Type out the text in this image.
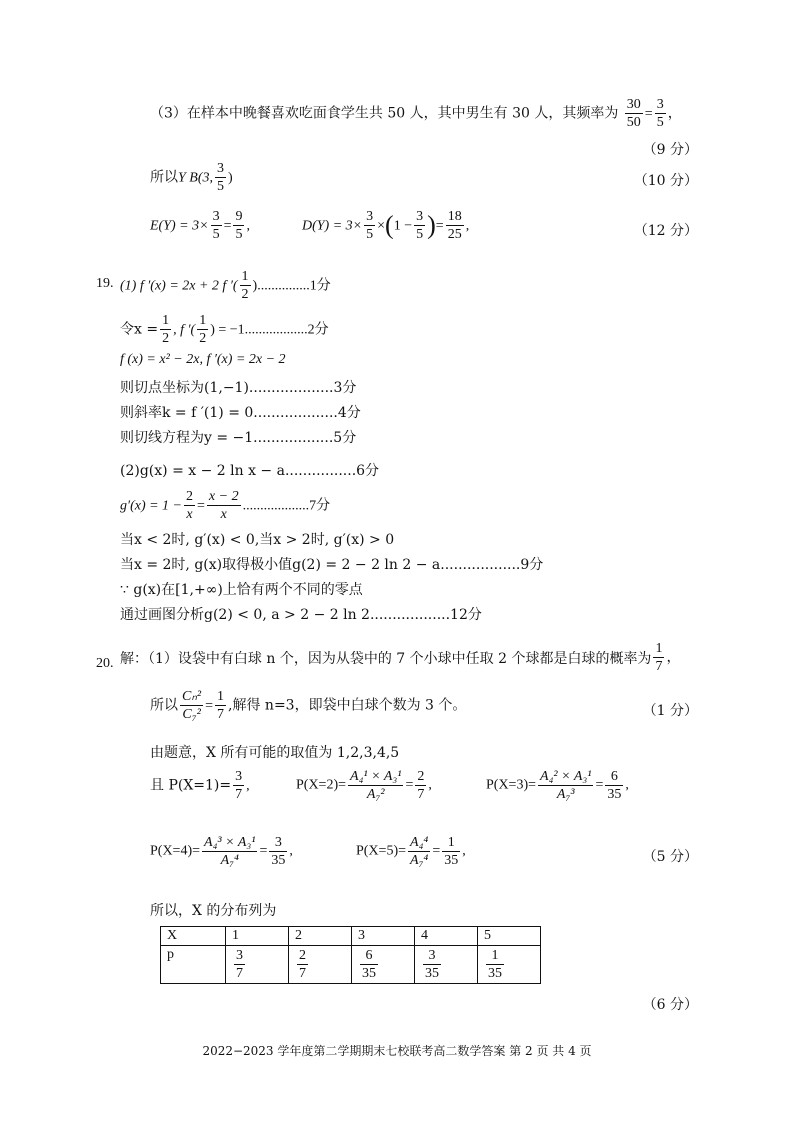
（3）在样本中晚餐喜欢吃面食学生共 50 人，其中男生有 30 人，其频率为 $\frac{30}{50} = \frac{3}{5}$ ，
（9 分）
所以Y B(3, $\frac{3}{5}$ )	（10 分）
$E(Y) = 3\times \frac{3}{5} = \frac{9}{5}$ ,	$D(Y) = 3\times \frac{3}{5} \times(1 - \frac{3}{5}$ )= $\frac{18}{25}$ ,	（12 分）
19. (1) f ′(x) = 2x + 2 f ′( $\frac{1}{2} )...............1$分
令$x = \frac{1}{2}$ , f ′( $\frac{1}{2}$ ) = −1..................2分
f (x) = x² − 2x, f ′(x) = 2x − 2
则切点坐标为(1,−1)...................3分
则斜率k = f ′(1) = 0...................4分
则切线方程为y = −1..................5分
(2)g(x) = x − 2 ln x − a................6分
$g'(x) = 1 - \frac{2}{x} = \frac{x - 2}{x} ...................7$分
当x < 2时, g′(x) < 0,当x > 2时, g′(x) > 0
当x = 2时, g(x)取得极小值g(2) = 2 − 2 ln 2 − a..................9分
∵ g(x)在[1,+∞)上恰有两个不同的零点
通过画图分析g(2) < 0, a > 2 − 2 ln 2..................12分
20. 解：（1）设袋中有白球 n 个，因为从袋中的 7 个小球中任取 2 个球都是白球的概率为 $\frac{1}{7}$ ，
所以 $\frac{\text{Cₙ²}}{\text{C₇²}} = \frac{1}{7}$ ,解得 n=3，即袋中白球个数为 3 个。	（1 分）
由题意，X 所有可能的取值为 1,2,3,4,5
且 $P(X=1)= \frac{3}{7}$ ,	$P(X=2)= \frac{\text{A₄¹ × A₃¹}}{\text{A₇²}} = \frac{2}{7}$ ,	$P(X=3)= \frac{\text{A₄² × A₃¹}}{\text{A₇³}} = \frac{6}{35}$ ,
$P(X=4)= \frac{\text{A₄³ × A₃¹}}{\text{A₇⁴}} = \frac{3}{35}$ ,	$P(X=5)= \frac{\text{A₄⁴}}{\text{A₇⁴}} = \frac{1}{35}$ ,	（5 分）
所以，X 的分布列为
X	1	2	3	4	5
p	$\frac{3}{7}$	$\frac{2}{7}$	$\frac{6}{35}$	$\frac{3}{35}$	$\frac{1}{35}$
（6 分）
2022−2023 学年度第二学期期末七校联考高二数学答案 第 2 页 共 4 页
